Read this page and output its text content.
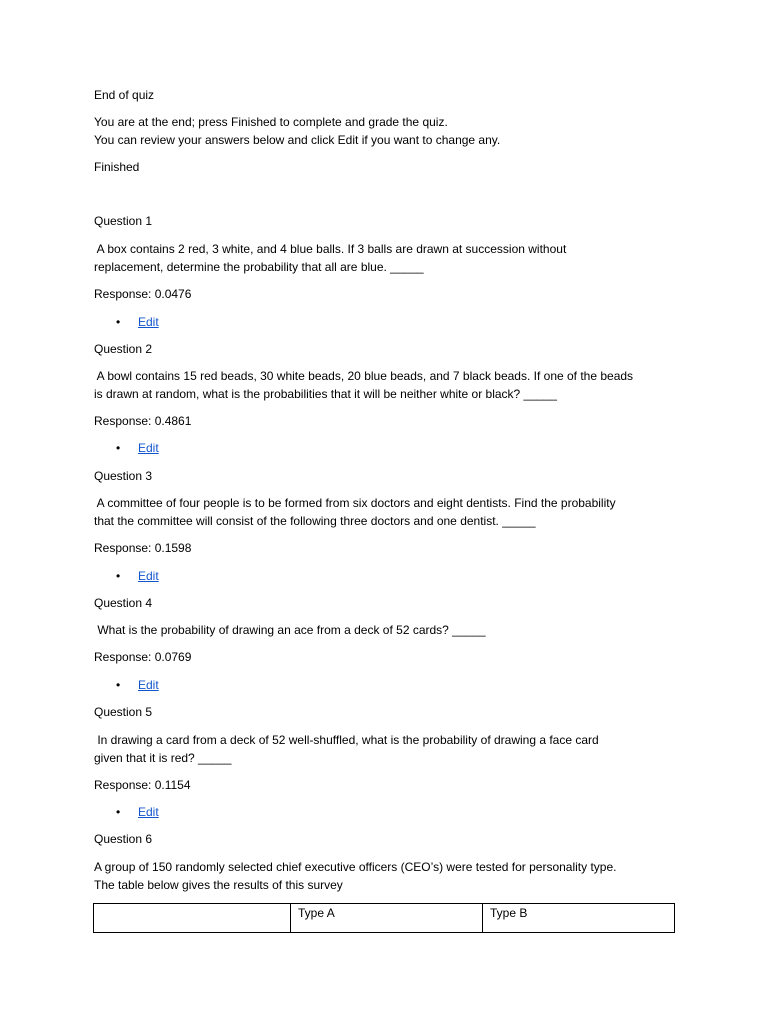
End of quiz
You are at the end; press Finished to complete and grade the quiz.
You can review your answers below and click Edit if you want to change any.
Finished
Question 1
A box contains 2 red, 3 white, and 4 blue balls. If 3 balls are drawn at succession without
replacement, determine the probability that all are blue. _____
Response: 0.0476
• Edit
Question 2
A bowl contains 15 red beads, 30 white beads, 20 blue beads, and 7 black beads. If one of the beads
is drawn at random, what is the probabilities that it will be neither white or black? _____
Response: 0.4861
• Edit
Question 3
A committee of four people is to be formed from six doctors and eight dentists. Find the probability
that the committee will consist of the following three doctors and one dentist. _____
Response: 0.1598
• Edit
Question 4
What is the probability of drawing an ace from a deck of 52 cards? _____
Response: 0.0769
• Edit
Question 5
In drawing a card from a deck of 52 well-shuffled, what is the probability of drawing a face card
given that it is red? _____
Response: 0.1154
• Edit
Question 6
A group of 150 randomly selected chief executive officers (CEO’s) were tested for personality type.
The table below gives the results of this survey
	Type A	Type B
